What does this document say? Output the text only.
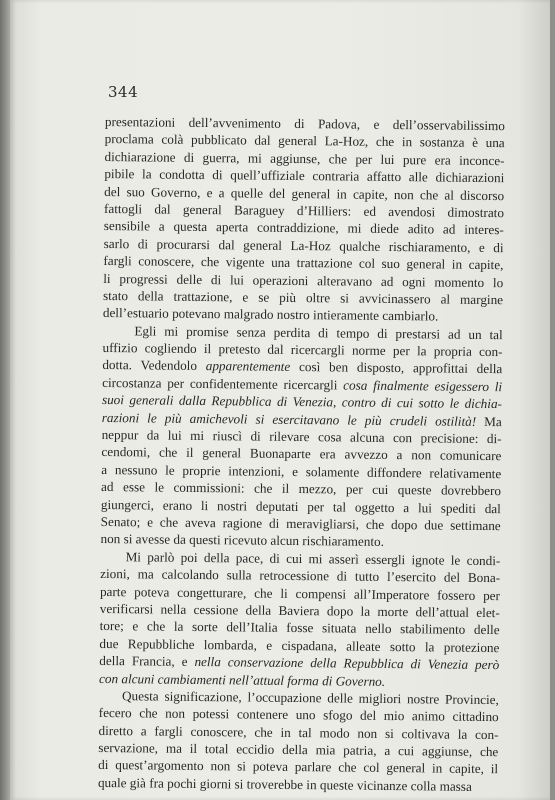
344
presentazioni dell’avvenimento di Padova, e dell’osservabilissimo
proclama colà pubblicato dal general La-Hoz, che in sostanza è una
dichiarazione di guerra, mi aggiunse, che per lui pure era inconce-
pibile la condotta di quell’uffiziale contraria affatto alle dichiarazioni
del suo Governo, e a quelle del general in capite, non che al discorso
fattogli dal general Baraguey d’Hilliers: ed avendosi dimostrato
sensibile a questa aperta contraddizione, mi diede adito ad interes-
sarlo di procurarsi dal general La-Hoz qualche rischiaramento, e di
fargli conoscere, che vigente una trattazione col suo general in capite,
li progressi delle di lui operazioni alteravano ad ogni momento lo
stato della trattazione, e se più oltre si avvicinassero al margine
dell’estuario potevano malgrado nostro intieramente cambiarlo.
Egli mi promise senza perdita di tempo di prestarsi ad un tal
uffizio cogliendo il pretesto dal ricercargli norme per la propria con-
dotta. Vedendolo apparentemente così ben disposto, approfittai della
circostanza per confidentemente ricercargli cosa finalmente esigessero li
suoi generali dalla Repubblica di Venezia, contro di cui sotto le dichia-
razioni le più amichevoli si esercitavano le più crudeli ostilità! Ma
neppur da lui mi riuscì di rilevare cosa alcuna con precisione: di-
cendomi, che il general Buonaparte era avvezzo a non comunicare
a nessuno le proprie intenzioni, e solamente diffondere relativamente
ad esse le commissioni: che il mezzo, per cui queste dovrebbero
giungerci, erano li nostri deputati per tal oggetto a lui spediti dal
Senato; e che aveva ragione di meravigliarsi, che dopo due settimane
non si avesse da questi ricevuto alcun rischiaramento.
Mi parlò poi della pace, di cui mi asserì essergli ignote le condi-
zioni, ma calcolando sulla retrocessione di tutto l’esercito del Bona-
parte poteva congetturare, che li compensi all’Imperatore fossero per
verificarsi nella cessione della Baviera dopo la morte dell’attual elet-
tore; e che la sorte dell’Italia fosse situata nello stabilimento delle
due Repubbliche lombarda, e cispadana, alleate sotto la protezione
della Francia, e nella conservazione della Repubblica di Venezia però
con alcuni cambiamenti nell’attual forma di Governo.
Questa significazione, l’occupazione delle migliori nostre Provincie,
fecero che non potessi contenere uno sfogo del mio animo cittadino
diretto a fargli conoscere, che in tal modo non si coltivava la con-
servazione, ma il total eccidio della mia patria, a cui aggiunse, che
di quest’argomento non si poteva parlare che col general in capite, il
quale già fra pochi giorni si troverebbe in queste vicinanze colla massa
